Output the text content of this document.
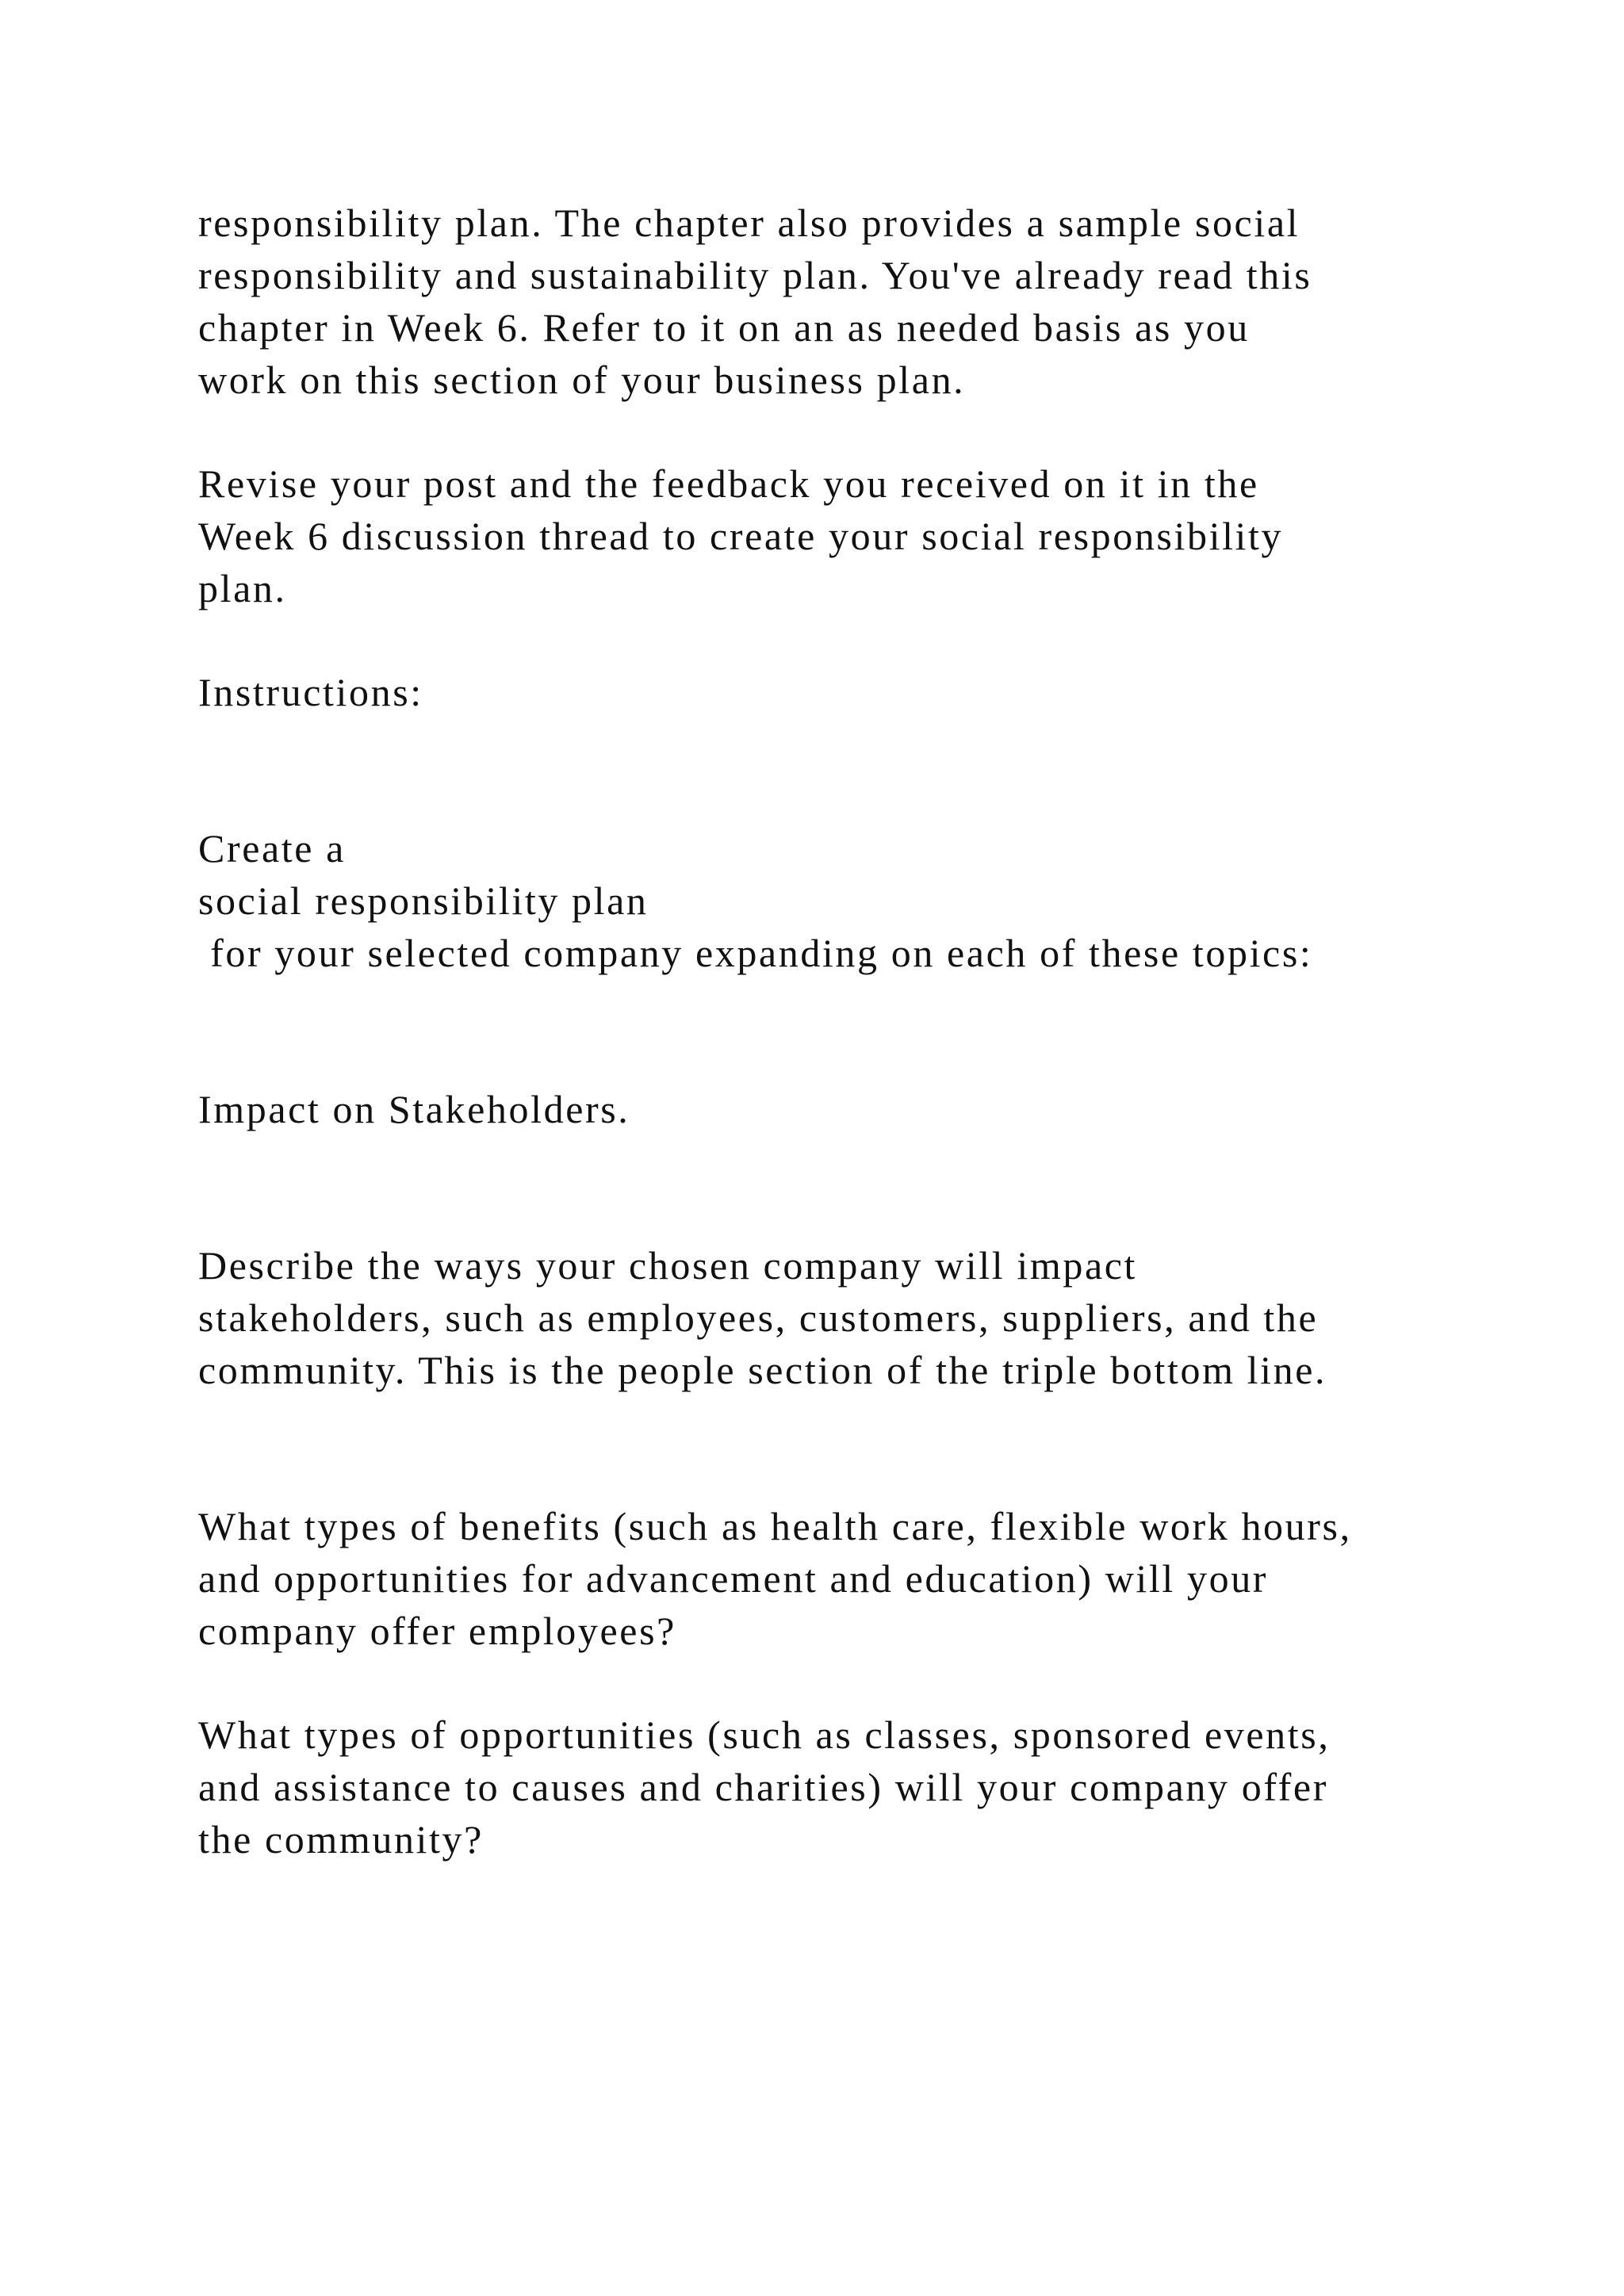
responsibility plan. The chapter also provides a sample social
responsibility and sustainability plan. You've already read this
chapter in Week 6. Refer to it on an as needed basis as you
work on this section of your business plan.
Revise your post and the feedback you received on it in the
Week 6 discussion thread to create your social responsibility
plan.
Instructions:
Create a
social responsibility plan
for your selected company expanding on each of these topics:
Impact on Stakeholders.
Describe the ways your chosen company will impact
stakeholders, such as employees, customers, suppliers, and the
community. This is the people section of the triple bottom line.
What types of benefits (such as health care, flexible work hours,
and opportunities for advancement and education) will your
company offer employees?
What types of opportunities (such as classes, sponsored events,
and assistance to causes and charities) will your company offer
the community?
